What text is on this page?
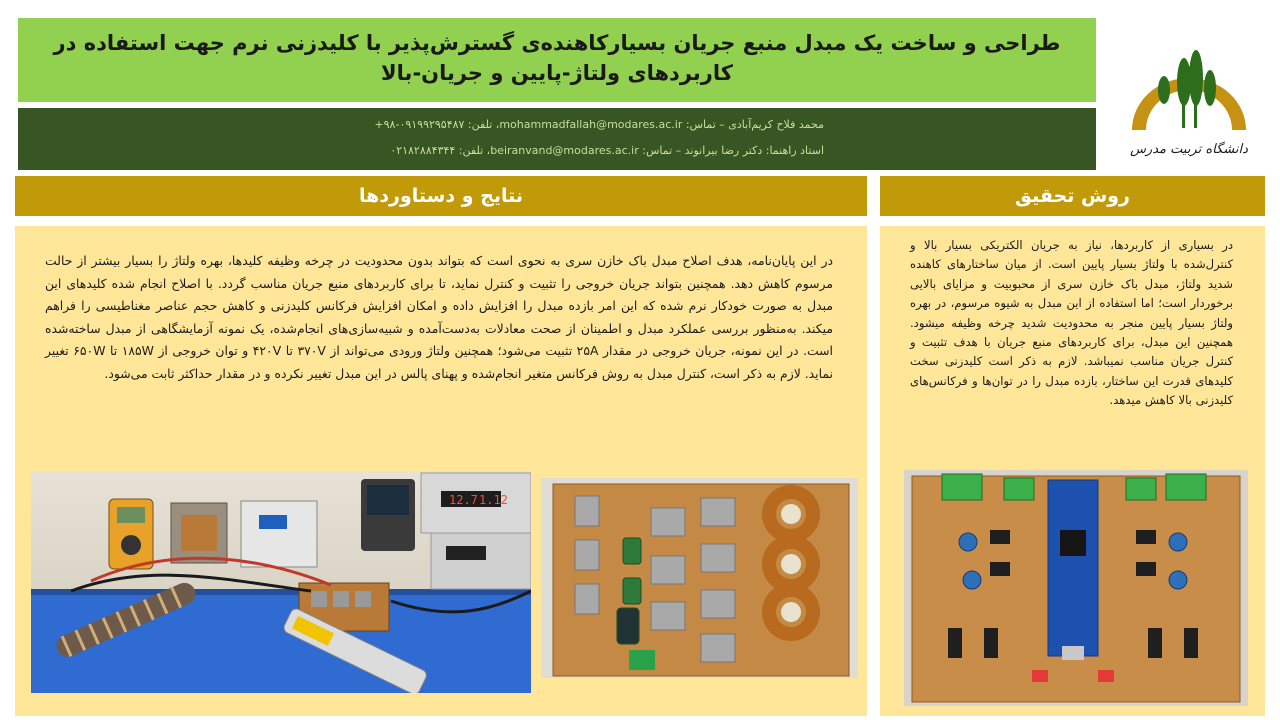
طراحی و ساخت یک مبدل منبع جریان بسیارکاهنده‌ی گسترش‌پذیر با کلیدزنی نرم جهت استفاده در کاربردهای ولتاژ-پایین و جریان-بالا
محمد فلاح کریم‌آبادی – تماس: mohammadfallah@modares.ac.ir، تلفن: ۰۹۱۹۹۲۹۵۴۸۷-۹۸+
استاد راهنما: دکتر رضا بیرانوند – تماس: beiranvand@modares.ac.ir، تلفن: ۰۲۱۸۲۸۸۴۳۴۴	دانشگاه تربیت مدرس
نتایج و دستاوردها	روش تحقیق
در این پایان‌نامه، هدف اصلاح مبدل باک خازن سری به نحوی است که بتواند بدون محدودیت در چرخه وظیفه کلیدها، بهره ولتاژ را بسیار بیشتر از حالت مرسوم کاهش دهد. همچنین بتواند جریان خروجی را تثبیت و کنترل نماید، تا برای کاربردهای منبع جریان مناسب گردد. با اصلاح انجام شده کلیدهای این مبدل به صورت خودکار نرم شده که این امر بازده مبدل را افزایش داده و امکان افزایش فرکانس کلیدزنی و کاهش حجم عناصر مغناطیسی را فراهم میکند. به‌منظور بررسی عملکرد مبدل و اطمینان از صحت معادلات به‌دست‌آمده و شبیه‌سازی‌های انجام‌شده، یک نمونه آزمایشگاهی از مبدل ساخته‌شده است. در این نمونه، جریان خروجی در مقدار ۲۵A تثبیت می‌شود؛ همچنین ولتاژ ورودی می‌تواند از ۳۷۰V تا ۴۲۰V و توان خروجی از ۱۸۵W تا ۶۵۰W تغییر نماید. لازم به ذکر است، کنترل مبدل به روش فرکانس متغیر انجام‌شده و پهنای پالس در این مبدل تغییر نکرده و در مقدار حداکثر ثابت می‌شود.
در بسیاری از کاربردها، نیاز به جریان الکتریکی بسیار بالا و کنترل‌شده با ولتاژ بسیار پایین است. از میان ساختارهای کاهنده شدید ولتاژ، مبدل باک خازن سری از محبوبیت و مزایای بالایی برخوردار است؛ اما استفاده از این مبدل به شیوه مرسوم، در بهره ولتاژ بسیار پایین منجر به محدودیت شدید چرخه وظیفه میشود. همچنین این مبدل، برای کاربردهای منبع جریان با هدف تثبیت و کنترل جریان مناسب نمیباشد. لازم به ذکر است کلیدزنی سخت کلیدهای قدرت این ساختار، بازده مبدل را در توان‌ها و فرکانس‌های کلیدزنی بالا کاهش میدهد.
12.7 1.12
